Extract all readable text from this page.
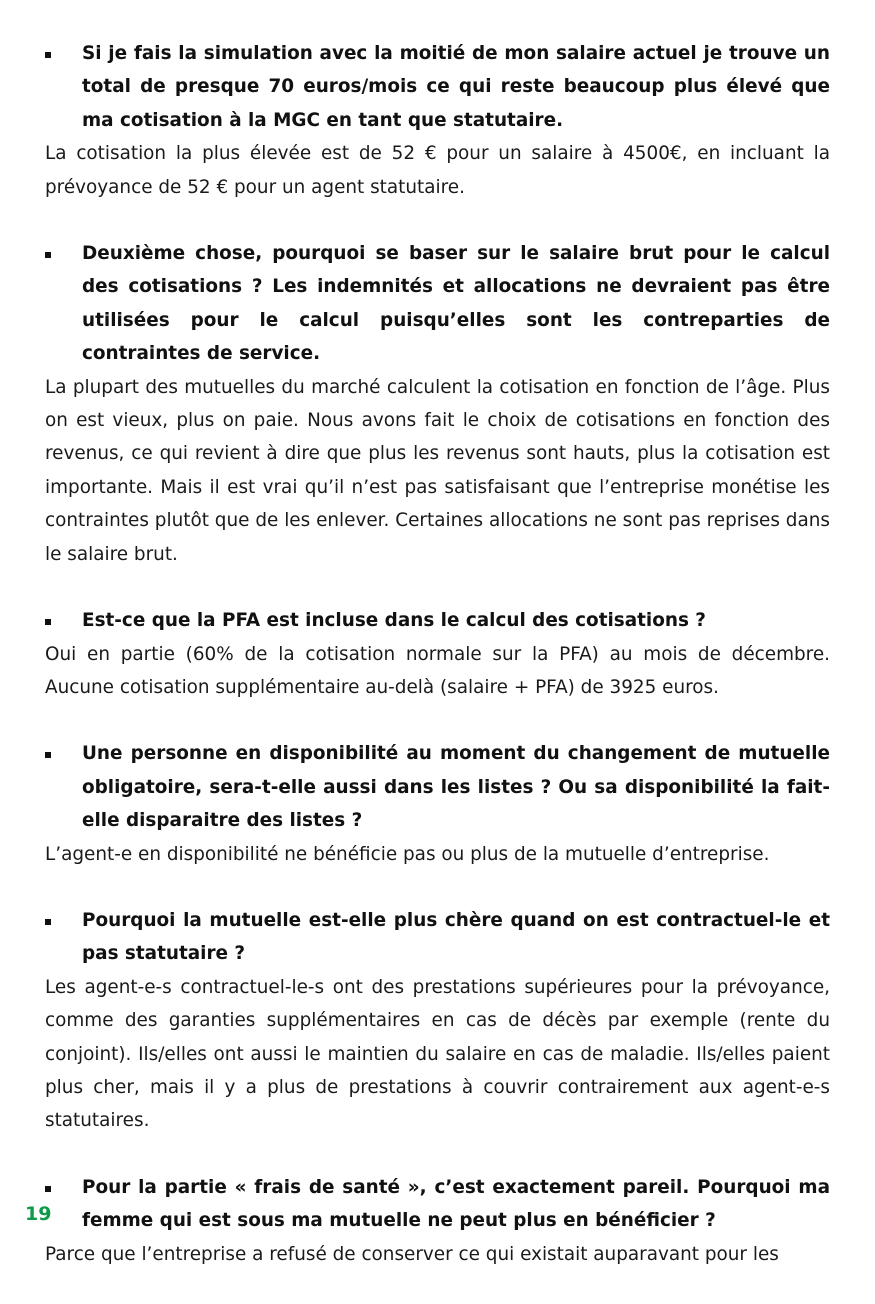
Si je fais la simulation avec la moitié de mon salaire actuel je trouve un total de presque 70 euros/mois ce qui reste beaucoup plus élevé que ma cotisation à la MGC en tant que statutaire.
La cotisation la plus élevée est de 52 € pour un salaire à 4500€, en incluant la prévoyance de 52 € pour un agent statutaire.
Deuxième chose, pourquoi se baser sur le salaire brut pour le calcul des cotisations ? Les indemnités et allocations ne devraient pas être utilisées pour le calcul puisqu’elles sont les contreparties de contraintes de service.
La plupart des mutuelles du marché calculent la cotisation en fonction de l’âge. Plus on est vieux, plus on paie. Nous avons fait le choix de cotisations en fonction des revenus, ce qui revient à dire que plus les revenus sont hauts, plus la cotisation est importante. Mais il est vrai qu’il n’est pas satisfaisant que l’entreprise monétise les contraintes plutôt que de les enlever. Certaines allocations ne sont pas reprises dans le salaire brut.
Est-ce que la PFA est incluse dans le calcul des cotisations ?
Oui en partie (60% de la cotisation normale sur la PFA) au mois de décembre. Aucune cotisation supplémentaire au-delà (salaire + PFA) de 3925 euros.
Une personne en disponibilité au moment du changement de mutuelle obligatoire, sera-t-elle aussi dans les listes ? Ou sa disponibilité la fait-elle disparaitre des listes ?
L’agent-e en disponibilité ne bénéficie pas ou plus de la mutuelle d’entreprise.
Pourquoi la mutuelle est-elle plus chère quand on est contractuel-le et pas statutaire ?
Les agent-e-s contractuel-le-s ont des prestations supérieures pour la prévoyance, comme des garanties supplémentaires en cas de décès par exemple (rente du conjoint). Ils/elles ont aussi le maintien du salaire en cas de maladie. Ils/elles paient plus cher, mais il y a plus de prestations à couvrir contrairement aux agent-e-s statutaires.
Pour la partie « frais de santé », c’est exactement pareil. Pourquoi ma femme qui est sous ma mutuelle ne peut plus en bénéficier ?
Parce que l’entreprise a refusé de conserver ce qui existait auparavant pour les
19
